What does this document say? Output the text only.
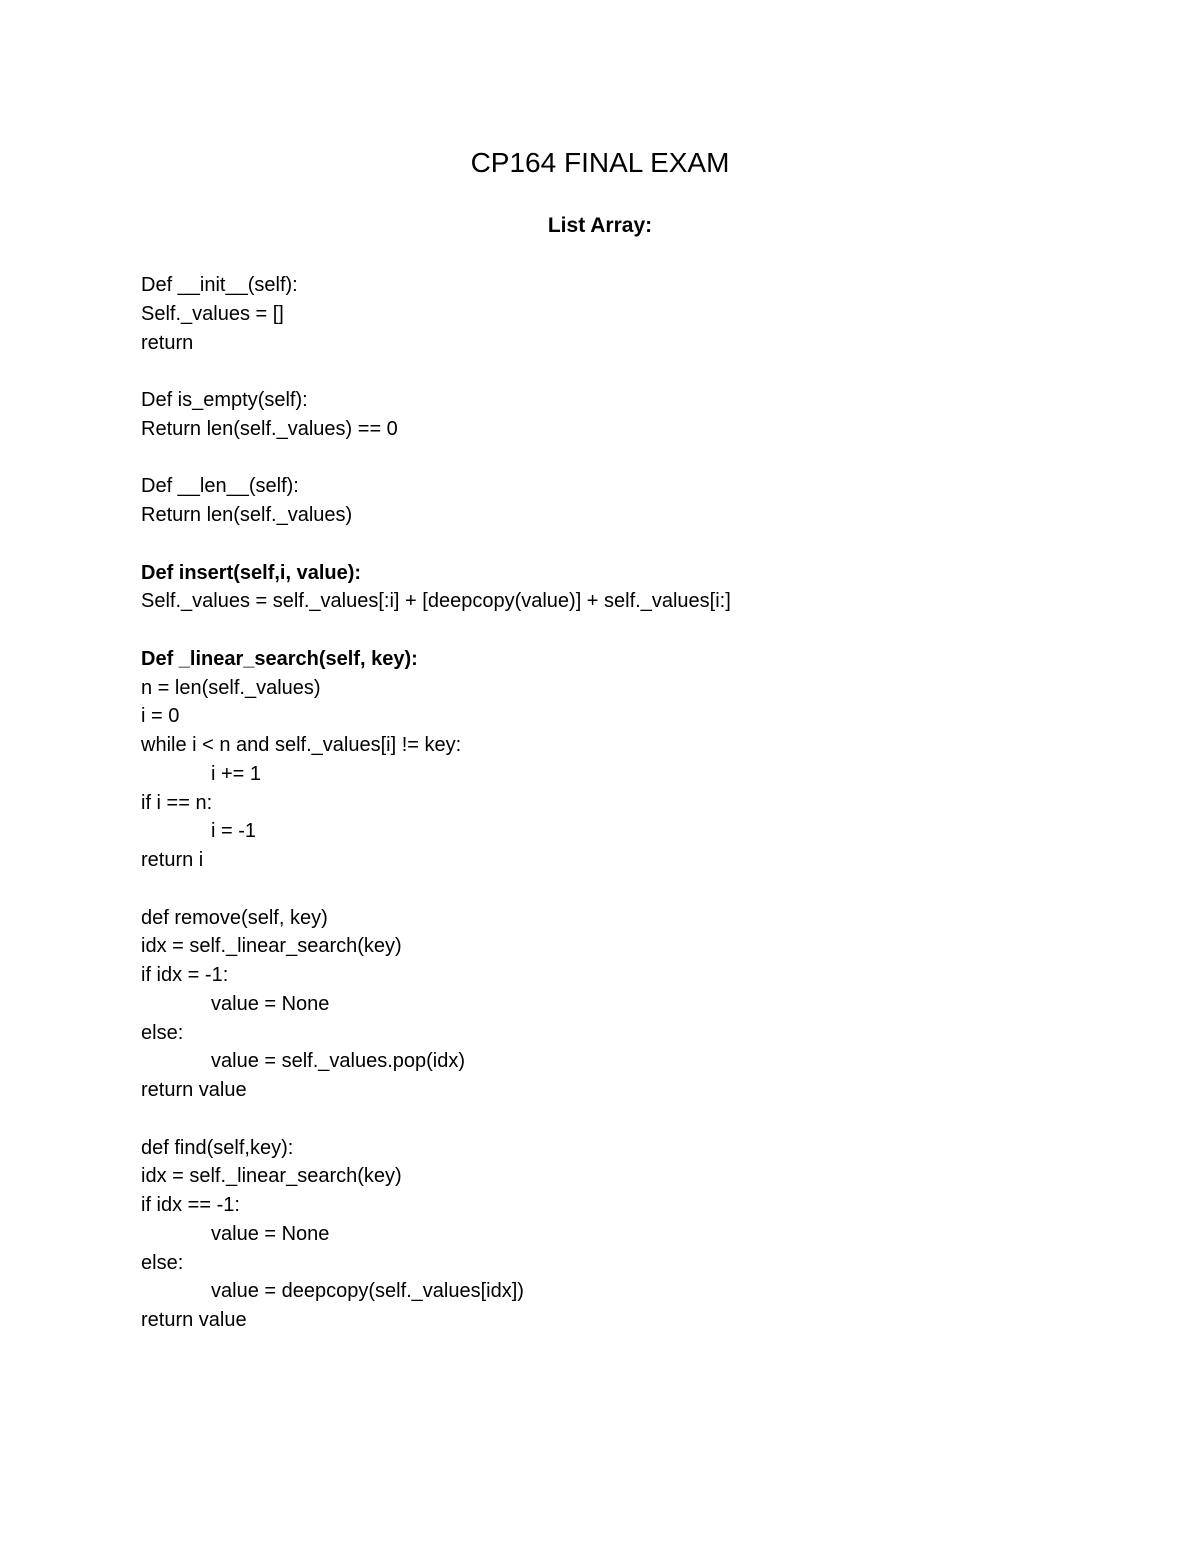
CP164 FINAL EXAM
List Array:
Def __init__(self):
Self._values = []
return
Def is_empty(self):
Return len(self._values) == 0
Def __len__(self):
Return len(self._values)
Def insert(self,i, value):
Self._values = self._values[:i] + [deepcopy(value)] + self._values[i:]
Def _linear_search(self, key):
n = len(self._values)
i = 0
while i < n and self._values[i] != key:
i += 1
if i == n:
i = -1
return i
def remove(self, key)
idx = self._linear_search(key)
if idx = -1:
value = None
else:
value = self._values.pop(idx)
return value
def find(self,key):
idx = self._linear_search(key)
if idx == -1:
value = None
else:
value = deepcopy(self._values[idx])
return value
